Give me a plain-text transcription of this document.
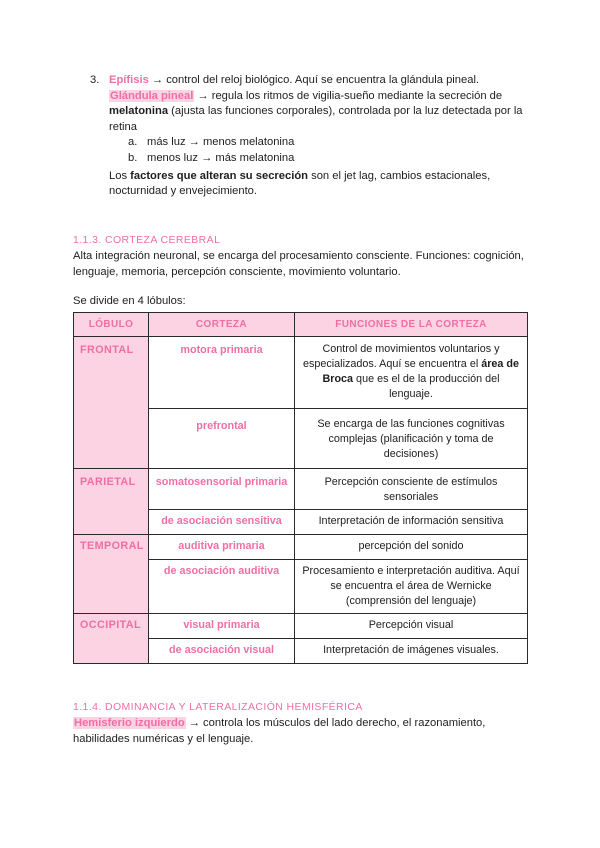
3. Epífisis → control del reloj biológico. Aquí se encuentra la glándula pineal.
Glándula pineal → regula los ritmos de vigilia-sueño mediante la secreción de melatonina (ajusta las funciones corporales), controlada por la luz detectada por la retina
a. más luz → menos melatonina
b. menos luz → más melatonina
Los factores que alteran su secreción son el jet lag, cambios estacionales, nocturnidad y envejecimiento.
1.1.3. CORTEZA CEREBRAL
Alta integración neuronal, se encarga del procesamiento consciente. Funciones: cognición, lenguaje, memoria, percepción consciente, movimiento voluntario.
Se divide en 4 lóbulos:
LÓBULO	CORTEZA	FUNCIONES DE LA CORTEZA
FRONTAL	motora primaria	Control de movimientos voluntarios y especializados. Aquí se encuentra el área de Broca que es el de la producción del lenguaje.
	prefrontal	Se encarga de las funciones cognitivas complejas (planificación y toma de decisiones)
PARIETAL	somatosensorial primaria	Percepción consciente de estímulos sensoriales
	de asociación sensitiva	Interpretación de información sensitiva
TEMPORAL	auditiva primaria	percepción del sonido
	de asociación auditiva	Procesamiento e interpretación auditiva. Aquí se encuentra el área de Wernicke (comprensión del lenguaje)
OCCIPITAL	visual primaria	Percepción visual
	de asociación visual	Interpretación de imágenes visuales.
1.1.4. DOMINANCIA Y LATERALIZACIÓN HEMISFÉRICA
Hemisferio izquierdo → controla los músculos del lado derecho, el razonamiento, habilidades numéricas y el lenguaje.
